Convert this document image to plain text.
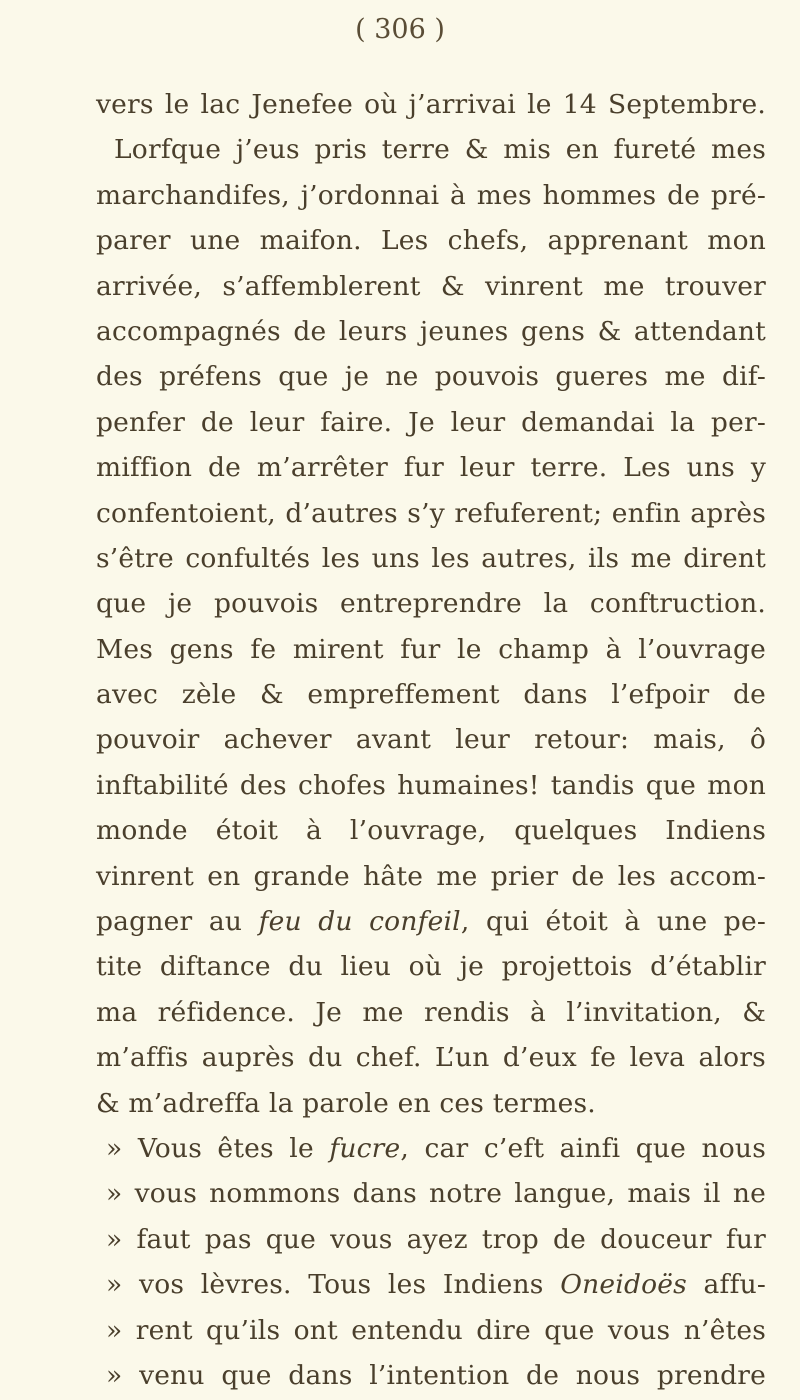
( 306 )
vers le lac Jenefee où j’arrivai le 14 Septembre.
Lorfque j’eus pris terre & mis en fureté mes
marchandifes, j’ordonnai à mes hommes de pré-
parer une maifon. Les chefs, apprenant mon
arrivée, s’affemblerent & vinrent me trouver
accompagnés de leurs jeunes gens & attendant
des préfens que je ne pouvois gueres me dif-
penfer de leur faire. Je leur demandai la per-
miffion de m’arrêter fur leur terre. Les uns y
confentoient, d’autres s’y refuferent; enfin après
s’être confultés les uns les autres, ils me dirent
que je pouvois entreprendre la conftruction.
Mes gens fe mirent fur le champ à l’ouvrage
avec zèle & empreffement dans l’efpoir de
pouvoir achever avant leur retour: mais, ô
inftabilité des chofes humaines! tandis que mon
monde étoit à l’ouvrage, quelques Indiens
vinrent en grande hâte me prier de les accom-
pagner au feu du confeil, qui étoit à une pe-
tite diftance du lieu où je projettois d’établir
ma réfidence. Je me rendis à l’invitation, &
m’affis auprès du chef. L’un d’eux fe leva alors
& m’adreffa la parole en ces termes.
» Vous êtes le fucre, car c’eft ainfi que nous
» vous nommons dans notre langue, mais il ne
» faut pas que vous ayez trop de douceur fur
» vos lèvres. Tous les Indiens Oneidoës affu-
» rent qu’ils ont entendu dire que vous n’êtes
» venu que dans l’intention de nous prendre
